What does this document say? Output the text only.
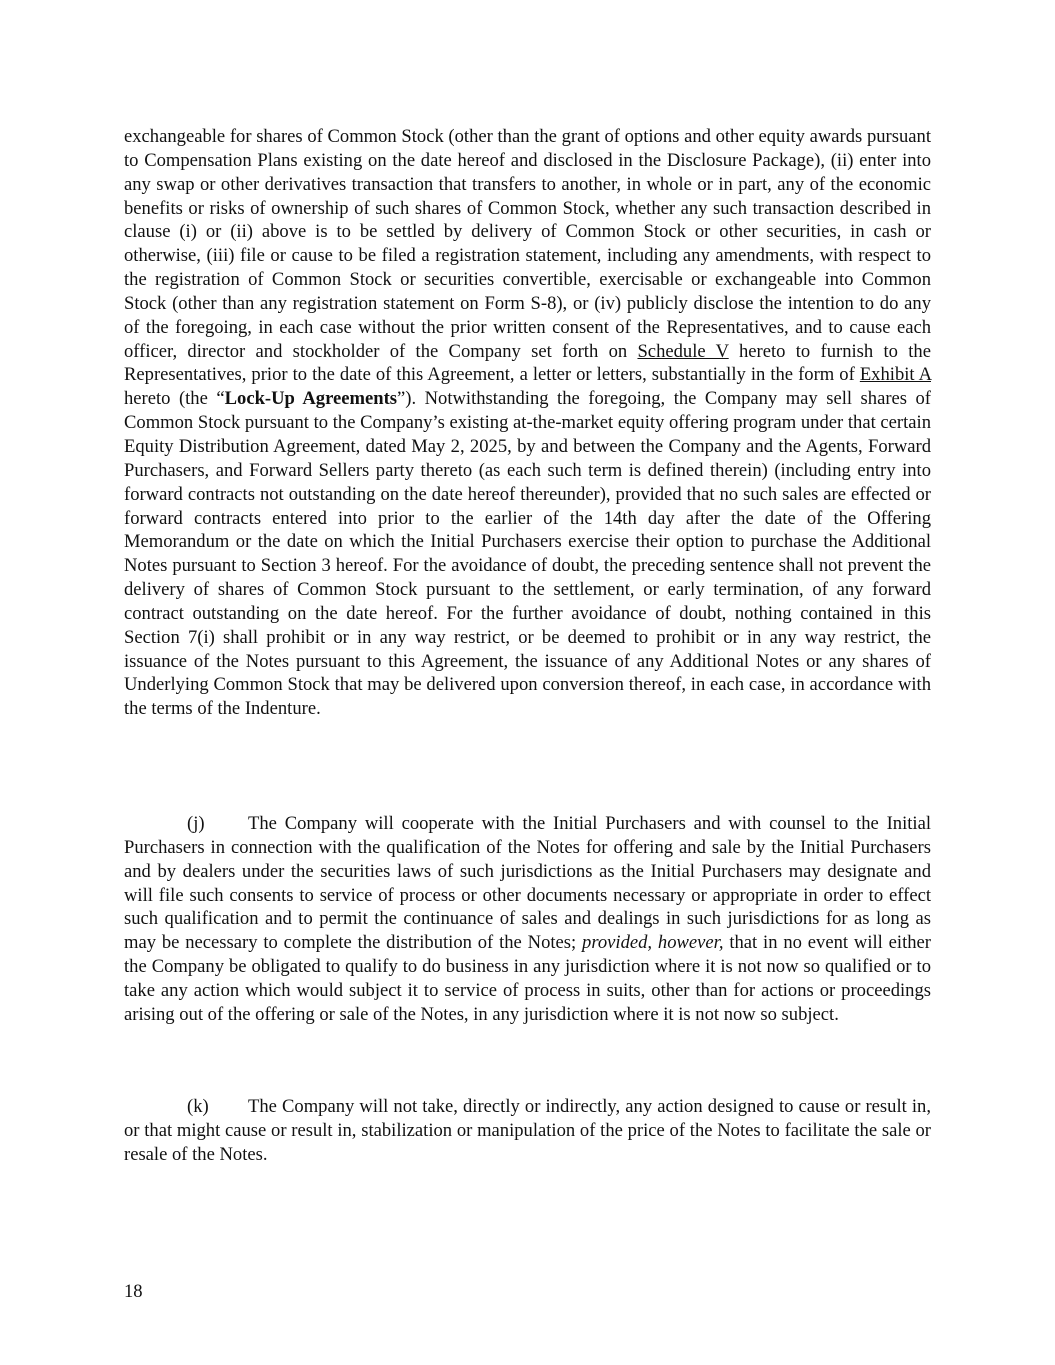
exchangeable for shares of Common Stock (other than the grant of options and other equity awards pursuant to Compensation Plans existing on the date hereof and disclosed in the Disclosure Package), (ii) enter into any swap or other derivatives transaction that transfers to another, in whole or in part, any of the economic benefits or risks of ownership of such shares of Common Stock, whether any such transaction described in clause (i) or (ii) above is to be settled by delivery of Common Stock or other securities, in cash or otherwise, (iii) file or cause to be filed a registration statement, including any amendments, with respect to the registration of Common Stock or securities convertible, exercisable or exchangeable into Common Stock (other than any registration statement on Form S-8), or (iv) publicly disclose the intention to do any of the foregoing, in each case without the prior written consent of the Representatives, and to cause each officer, director and stockholder of the Company set forth on Schedule V hereto to furnish to the Representatives, prior to the date of this Agreement, a letter or letters, substantially in the form of Exhibit A hereto (the “Lock-Up Agreements”). Notwithstanding the foregoing, the Company may sell shares of Common Stock pursuant to the Company’s existing at-the-market equity offering program under that certain Equity Distribution Agreement, dated May 2, 2025, by and between the Company and the Agents, Forward Purchasers, and Forward Sellers party thereto (as each such term is defined therein) (including entry into forward contracts not outstanding on the date hereof thereunder), provided that no such sales are effected or forward contracts entered into prior to the earlier of the 14th day after the date of the Offering Memorandum or the date on which the Initial Purchasers exercise their option to purchase the Additional Notes pursuant to Section 3 hereof. For the avoidance of doubt, the preceding sentence shall not prevent the delivery of shares of Common Stock pursuant to the settlement, or early termination, of any forward contract outstanding on the date hereof. For the further avoidance of doubt, nothing contained in this Section 7(i) shall prohibit or in any way restrict, or be deemed to prohibit or in any way restrict, the issuance of the Notes pursuant to this Agreement, the issuance of any Additional Notes or any shares of Underlying Common Stock that may be delivered upon conversion thereof, in each case, in accordance with the terms of the Indenture.

(j) The Company will cooperate with the Initial Purchasers and with counsel to the Initial Purchasers in connection with the qualification of the Notes for offering and sale by the Initial Purchasers and by dealers under the securities laws of such jurisdictions as the Initial Purchasers may designate and will file such consents to service of process or other documents necessary or appropriate in order to effect such qualification and to permit the continuance of sales and dealings in such jurisdictions for as long as may be necessary to complete the distribution of the Notes; provided, however, that in no event will either the Company be obligated to qualify to do business in any jurisdiction where it is not now so qualified or to take any action which would subject it to service of process in suits, other than for actions or proceedings arising out of the offering or sale of the Notes, in any jurisdiction where it is not now so subject.

(k) The Company will not take, directly or indirectly, any action designed to cause or result in, or that might cause or result in, stabilization or manipulation of the price of the Notes to facilitate the sale or resale of the Notes.

18
